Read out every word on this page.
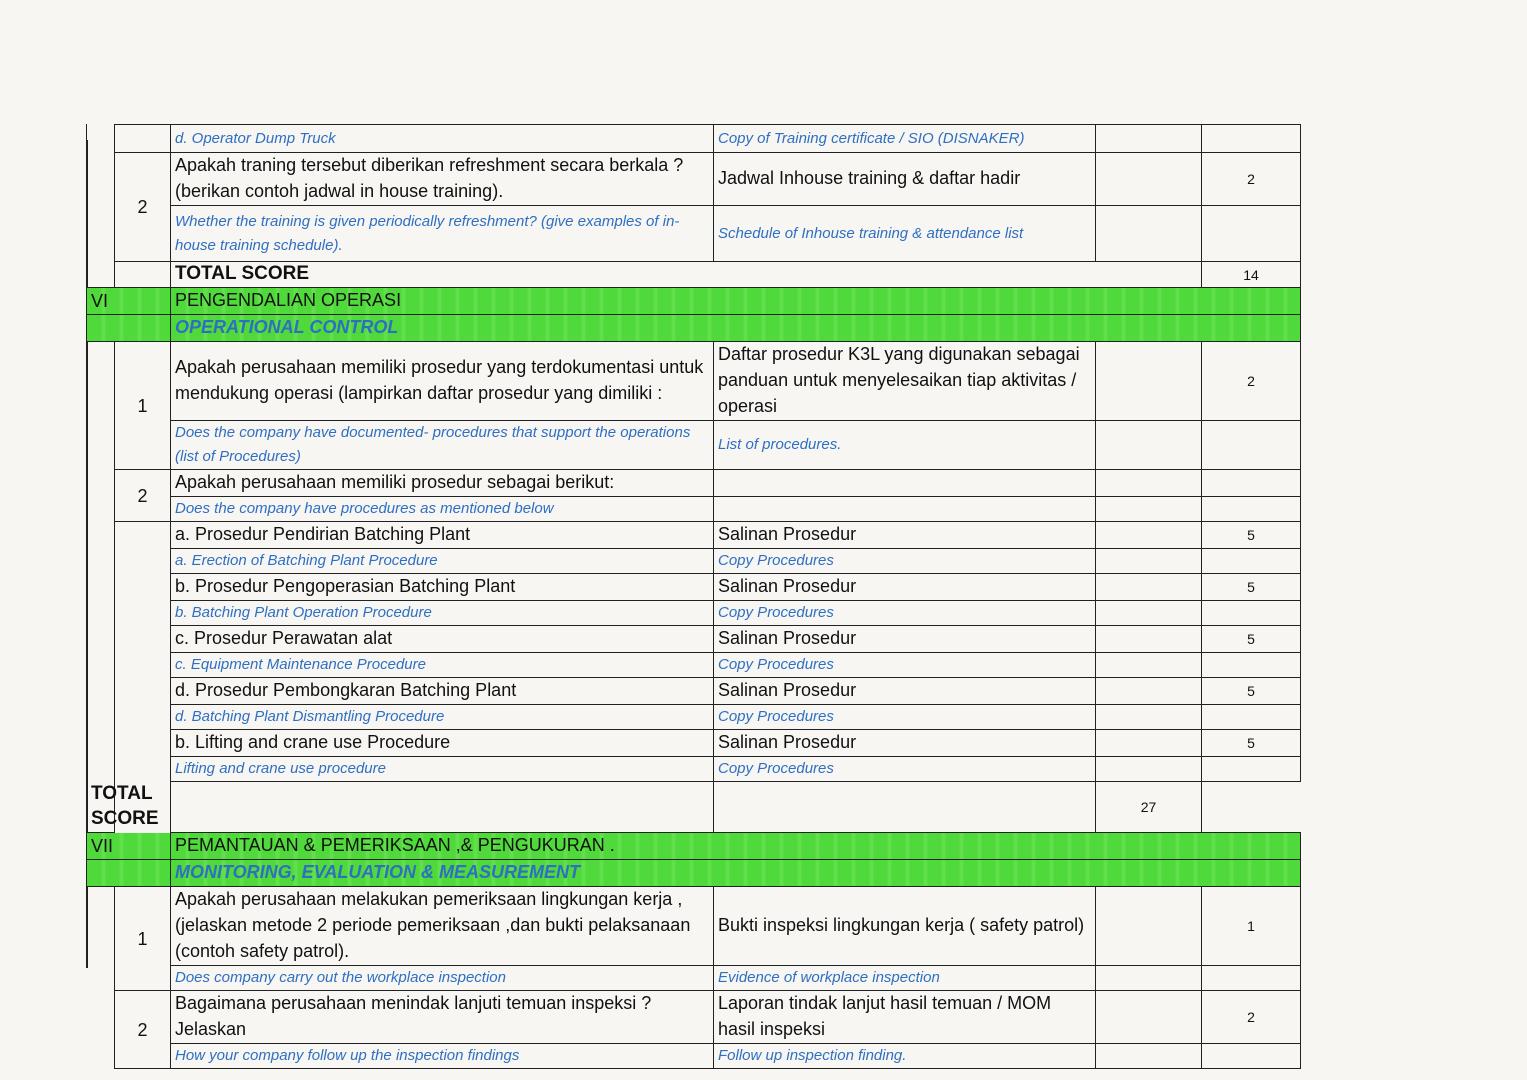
		d. Operator Dump Truck	Copy of Training certificate / SIO (DISNAKER)		
	2	Apakah traning tersebut diberikan refreshment secara berkala ? (berikan contoh jadwal in house training).	Jadwal Inhouse training & daftar hadir		2
		Whether the training is given periodically refreshment? (give examples of in-house training schedule).	Schedule of Inhouse training & attendance list		
		TOTAL SCORE			14
VI		PENGENDALIAN OPERASI			
		OPERATIONAL CONTROL			
	1	Apakah perusahaan memiliki prosedur yang terdokumentasi untuk mendukung operasi (lampirkan daftar prosedur yang dimiliki :	Daftar prosedur K3L yang digunakan sebagai panduan untuk menyelesaikan tiap aktivitas / operasi		2
		Does the company have documented- procedures that support the operations (list of Procedures)	List of procedures.		
	2	Apakah perusahaan memiliki prosedur sebagai berikut:			
		Does the company have procedures as mentioned below			
		a. Prosedur Pendirian Batching Plant	Salinan Prosedur		5
		a. Erection of Batching Plant Procedure	Copy Procedures		
		b. Prosedur Pengoperasian Batching Plant	Salinan Prosedur		5
		b. Batching Plant Operation Procedure	Copy Procedures		
		c. Prosedur Perawatan alat	Salinan Prosedur		5
		c. Equipment Maintenance Procedure	Copy Procedures		
		d. Prosedur Pembongkaran Batching Plant	Salinan Prosedur		5
		d. Batching Plant Dismantling Procedure	Copy Procedures		
		b. Lifting and crane use Procedure	Salinan Prosedur		5
		Lifting and crane use procedure	Copy Procedures		
TOTAL SCORE				27	
VII		PEMANTAUAN & PEMERIKSAAN ,& PENGUKURAN .			
		MONITORING, EVALUATION & MEASUREMENT			
	1	Apakah perusahaan melakukan pemeriksaan lingkungan kerja , (jelaskan metode 2 periode pemeriksaan ,dan bukti pelaksanaan (contoh safety patrol).	Bukti inspeksi lingkungan kerja ( safety patrol)		1
		Does company carry out the workplace inspection	Evidence of workplace inspection		
	2	Bagaimana perusahaan menindak lanjuti temuan inspeksi ? Jelaskan	Laporan tindak lanjut hasil temuan / MOM hasil inspeksi		2
		How your company follow up the inspection findings	Follow up inspection finding.		
